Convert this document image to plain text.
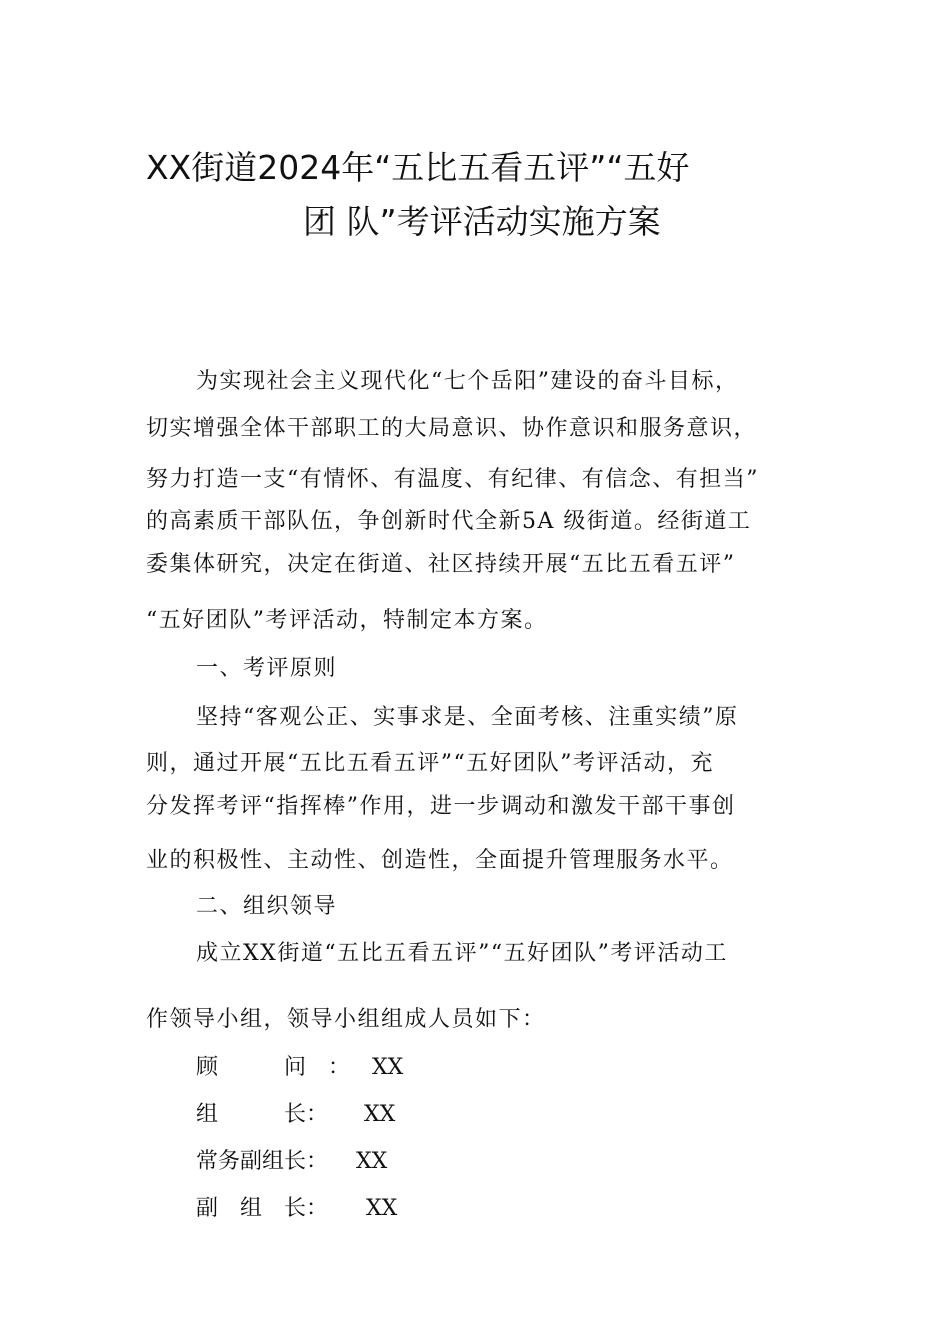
XX街道2024年“五比五看五评”“五好
团 队”考评活动实施方案

为实现社会主义现代化“七个岳阳”建设的奋斗目标，

切实增强全体干部职工的大局意识、协作意识和服务意识，

努力打造一支“有情怀、有温度、有纪律、有信念、有担当”

的高素质干部队伍，争创新时代全新5A 级街道。经街道工

委集体研究，决定在街道、社区持续开展“五比五看五评”

“五好团队”考评活动，特制定本方案。

一、考评原则

坚持“客观公正、实事求是、全面考核、注重实绩”原

则，通过开展“五比五看五评”“五好团队”考评活动，充

分发挥考评“指挥棒”作用，进一步调动和激发干部干事创

业的积极性、主动性、创造性，全面提升管理服务水平。

二、组织领导

成立XX街道“五比五看五评”“五好团队”考评活动工

作领导小组，领导小组组成人员如下：

顾　　　问　： XX
组　　　长： XX
常务副组长： XX
副　组　长： XX
